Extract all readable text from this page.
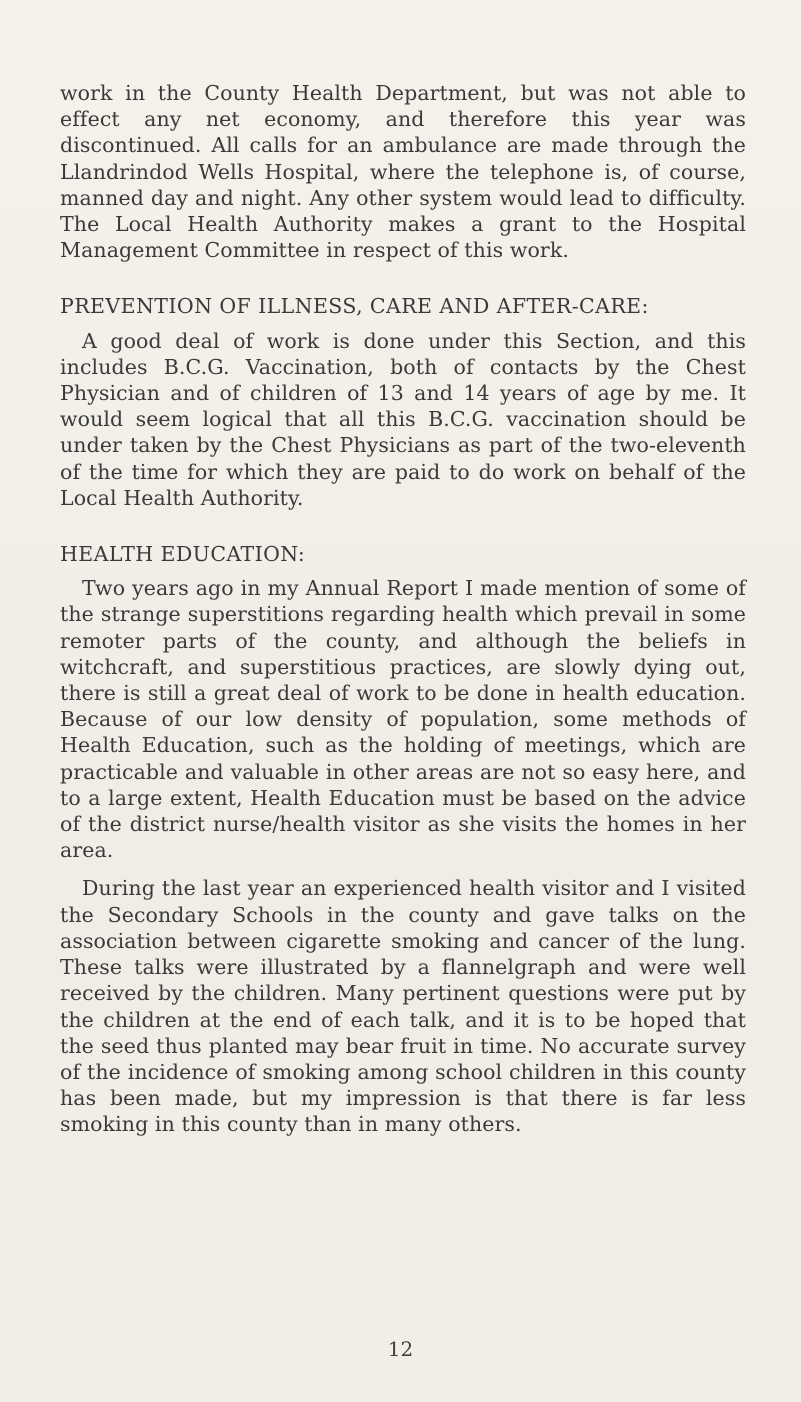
work in the County Health Department, but was not able to effect any net economy, and therefore this year was discontinued. All calls for an ambulance are made through the Llandrindod Wells Hospital, where the telephone is, of course, manned day and night. Any other system would lead to difficulty. The Local Health Authority makes a grant to the Hospital Management Committee in respect of this work.

PREVENTION OF ILLNESS, CARE AND AFTER-CARE:

A good deal of work is done under this Section, and this includes B.C.G. Vaccination, both of contacts by the Chest Physician and of children of 13 and 14 years of age by me. It would seem logical that all this B.C.G. vaccination should be under taken by the Chest Physicians as part of the two-eleventh of the time for which they are paid to do work on behalf of the Local Health Authority.

HEALTH EDUCATION:

Two years ago in my Annual Report I made mention of some of the strange superstitions regarding health which prevail in some remoter parts of the county, and although the beliefs in witchcraft, and superstitious practices, are slowly dying out, there is still a great deal of work to be done in health education. Because of our low density of population, some methods of Health Education, such as the holding of meetings, which are practicable and valuable in other areas are not so easy here, and to a large extent, Health Education must be based on the advice of the district nurse/health visitor as she visits the homes in her area.

During the last year an experienced health visitor and I visited the Secondary Schools in the county and gave talks on the association between cigarette smoking and cancer of the lung. These talks were illustrated by a flannelgraph and were well received by the children. Many pertinent questions were put by the children at the end of each talk, and it is to be hoped that the seed thus planted may bear fruit in time. No accurate survey of the incidence of smoking among school children in this county has been made, but my impression is that there is far less smoking in this county than in many others.

12
